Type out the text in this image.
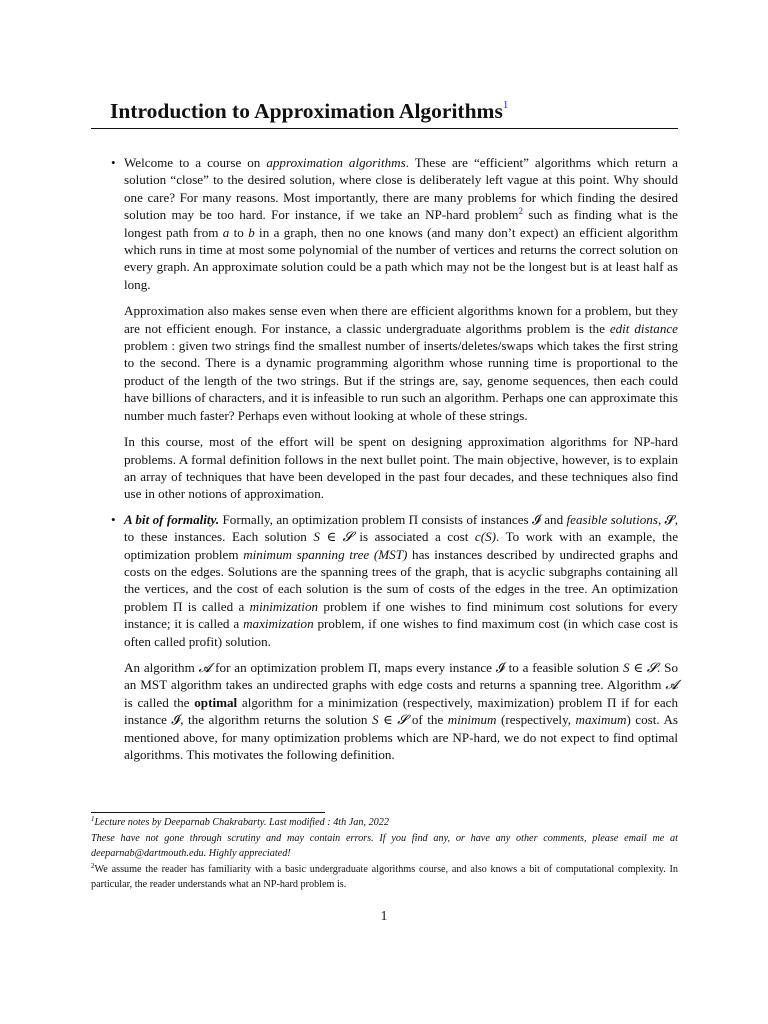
Introduction to Approximation Algorithms$^1$
• Welcome to a course on approximation algorithms. These are “efficient” algorithms which return a solution “close” to the desired solution, where close is deliberately left vague at this point. Why should one care? For many reasons. Most importantly, there are many problems for which finding the desired solution may be too hard. For instance, if we take an NP-hard problem$^2$ such as finding what is the longest path from a to b in a graph, then no one knows (and many don’t expect) an efficient algorithm which runs in time at most some polynomial of the number of vertices and returns the correct solution on every graph. An approximate solution could be a path which may not be the longest but is at least half as long.

Approximation also makes sense even when there are efficient algorithms known for a problem, but they are not efficient enough. For instance, a classic undergraduate algorithms problem is the edit distance problem : given two strings find the smallest number of inserts/deletes/swaps which takes the first string to the second. There is a dynamic programming algorithm whose running time is proportional to the product of the length of the two strings. But if the strings are, say, genome sequences, then each could have billions of characters, and it is infeasible to run such an algorithm. Perhaps one can approximate this number much faster? Perhaps even without looking at whole of these strings.

In this course, most of the effort will be spent on designing approximation algorithms for NP-hard problems. A formal definition follows in the next bullet point. The main objective, however, is to explain an array of techniques that have been developed in the past four decades, and these techniques also find use in other notions of approximation.

• A bit of formality. Formally, an optimization problem Π consists of instances 𝓘 and feasible solutions, 𝓢, to these instances. Each solution S ∈ 𝓢 is associated a cost c(S). To work with an example, the optimization problem minimum spanning tree (MST) has instances described by undirected graphs and costs on the edges. Solutions are the spanning trees of the graph, that is acyclic subgraphs containing all the vertices, and the cost of each solution is the sum of costs of the edges in the tree. An optimization problem Π is called a minimization problem if one wishes to find minimum cost solutions for every instance; it is called a maximization problem, if one wishes to find maximum cost (in which case cost is often called profit) solution.

An algorithm 𝓐 for an optimization problem Π, maps every instance 𝓘 to a feasible solution S ∈ 𝓢. So an MST algorithm takes an undirected graphs with edge costs and returns a spanning tree. Algorithm 𝓐 is called the optimal algorithm for a minimization (respectively, maximization) problem Π if for each instance 𝓘, the algorithm returns the solution S ∈ 𝓢 of the minimum (respectively, maximum) cost. As mentioned above, for many optimization problems which are NP-hard, we do not expect to find optimal algorithms. This motivates the following definition.

$^1$Lecture notes by Deeparnab Chakrabarty. Last modified : 4th Jan, 2022

These have not gone through scrutiny and may contain errors. If you find any, or have any other comments, please email me at deeparnab@dartmouth.edu. Highly appreciated!

$^2$We assume the reader has familiarity with a basic undergraduate algorithms course, and also knows a bit of computational complexity. In particular, the reader understands what an NP-hard problem is.

1
